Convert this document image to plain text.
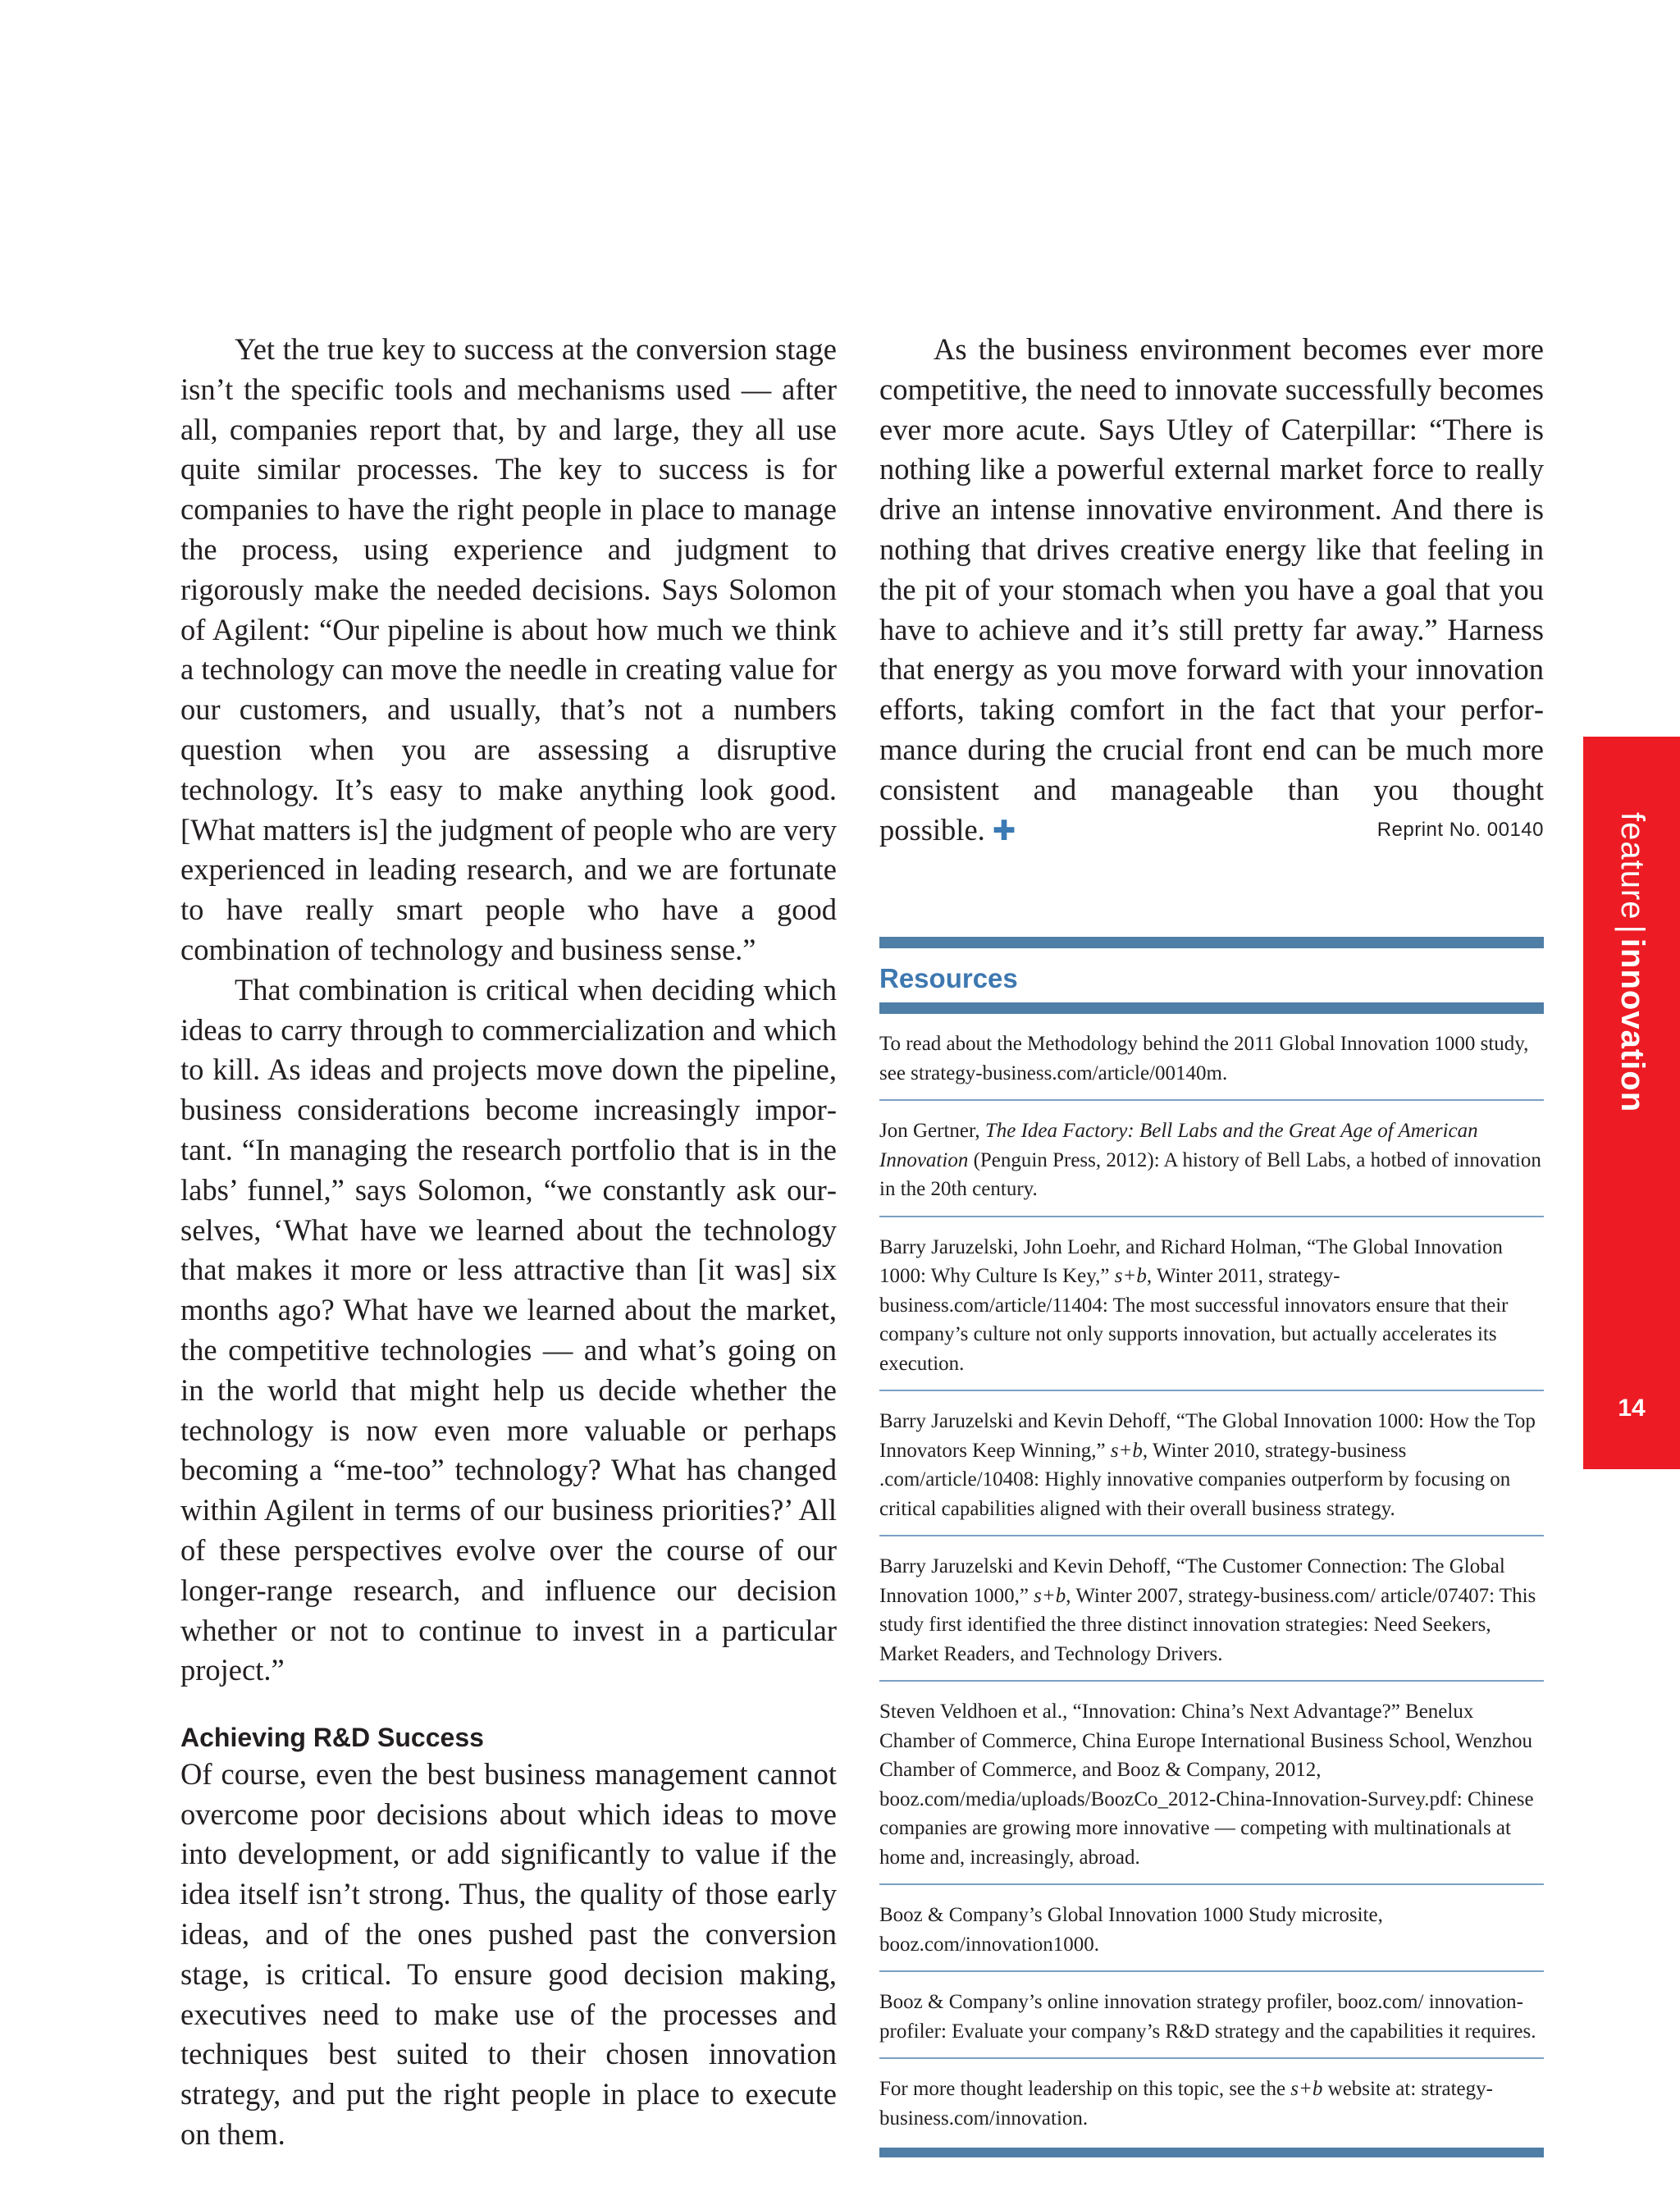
Yet the true key to success at the conversion stage isn’t the specific tools and mechanisms used — after all, companies report that, by and large, they all use quite similar processes. The key to success is for companies to have the right people in place to manage the process, using experience and judgment to rigorously make the needed decisions. Says Solomon of Agilent: “Our pipeline is about how much we think a technology can move the needle in creating value for our customers, and usually, that’s not a numbers question when you are assessing a disruptive technology. It’s easy to make anything look good. [What matters is] the judgment of people who are very experienced in leading research, and we are fortunate to have really smart people who have a good combination of technology and business sense.”

That combination is critical when deciding which ideas to carry through to commercialization and which to kill. As ideas and projects move down the pipeline, business considerations become increasingly important. “In managing the research portfolio that is in the labs’ funnel,” says Solomon, “we constantly ask ourselves, ‘What have we learned about the technology that makes it more or less attractive than [it was] six months ago? What have we learned about the market, the competitive technologies — and what’s going on in the world that might help us decide whether the technology is now even more valuable or perhaps becoming a “me-too” technology? What has changed within Agilent in terms of our business priorities?’ All of these perspectives evolve over the course of our longer-range research, and influence our decision whether or not to continue to invest in a particular project.”

Achieving R&D Success

Of course, even the best business management cannot overcome poor decisions about which ideas to move into development, or add significantly to value if the idea itself isn’t strong. Thus, the quality of those early ideas, and of the ones pushed past the conversion stage, is critical. To ensure good decision making, executives need to make use of the processes and techniques best suited to their chosen innovation strategy, and put the right people in place to execute on them.

As the business environment becomes ever more competitive, the need to innovate successfully becomes ever more acute. Says Utley of Caterpillar: “There is nothing like a powerful external market force to really drive an intense innovative environment. And there is nothing that drives creative energy like that feeling in the pit of your stomach when you have a goal that you have to achieve and it’s still pretty far away.” Harness that energy as you move forward with your innovation efforts, taking comfort in the fact that your performance during the crucial front end can be much more consistent and manageable than you thought possible. ✚	Reprint No. 00140
Resources
To read about the Methodology behind the 2011 Global Innovation 1000 study, see strategy-business.com/article/00140m.
Jon Gertner, The Idea Factory: Bell Labs and the Great Age of American Innovation (Penguin Press, 2012): A history of Bell Labs, a hotbed of innovation in the 20th century.
Barry Jaruzelski, John Loehr, and Richard Holman, “The Global Innovation 1000: Why Culture Is Key,” s+b, Winter 2011, strategy-business.com/article/11404: The most successful innovators ensure that their company’s culture not only supports innovation, but actually accelerates its execution.
Barry Jaruzelski and Kevin Dehoff, “The Global Innovation 1000: How the Top Innovators Keep Winning,” s+b, Winter 2010, strategy-business .com/article/10408: Highly innovative companies outperform by focusing on critical capabilities aligned with their overall business strategy.
Barry Jaruzelski and Kevin Dehoff, “The Customer Connection: The Global Innovation 1000,” s+b, Winter 2007, strategy-business.com/ article/07407: This study first identified the three distinct innovation strategies: Need Seekers, Market Readers, and Technology Drivers.
Steven Veldhoen et al., “Innovation: China’s Next Advantage?” Benelux Chamber of Commerce, China Europe International Business School, Wenzhou Chamber of Commerce, and Booz & Company, 2012, booz.com/media/uploads/BoozCo_2012-China-Innovation-Survey.pdf: Chinese companies are growing more innovative — competing with multinationals at home and, increasingly, abroad.
Booz & Company’s Global Innovation 1000 Study microsite, booz.com/innovation1000.
Booz & Company’s online innovation strategy profiler, booz.com/ innovation-profiler: Evaluate your company’s R&D strategy and the capabilities it requires.
For more thought leadership on this topic, see the s+b website at: strategy-business.com/innovation.
feature|innovation
14
